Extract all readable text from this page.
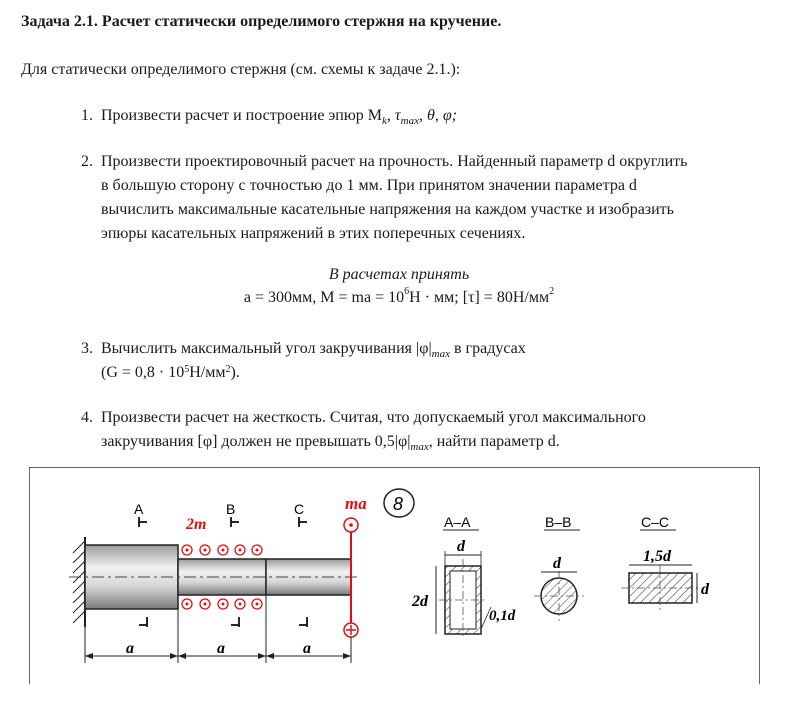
Задача 2.1. Расчет статически определимого стержня на кручение.
Для статически определимого стержня (см. схемы к задаче 2.1.):
1. Произвести расчет и построение эпюр $M_k$, $\tau_{max}$, θ, φ;
2. Произвести проектировочный расчет на прочность. Найденный параметр d округлить
в большую сторону с точностью до 1 мм. При принятом значении параметра d
вычислить максимальные касательные напряжения на каждом участке и изобразить
эпюры касательных напряжений в этих поперечных сечениях.
В расчетах принять
a = 300мм, M = ma = $10^6Н$ · мм; $[\tau] = 80Н/мм^2$
3. Вычислить максимальный угол закручивания $|\varphi|_{max}$ в градусах
$(G = 0,8 \cdot 10^5Н/мм^2)$.
4. Произвести расчет на жесткость. Считая, что допускаемый угол максимального
закручивания [φ] должен не превышать $0,5|\varphi|_{max}$, найти параметр d.
ma
2m
A	B	C
a	a	a
8
A–A
d
2d
0,1d
B–B
d
C–C
1,5d
d
